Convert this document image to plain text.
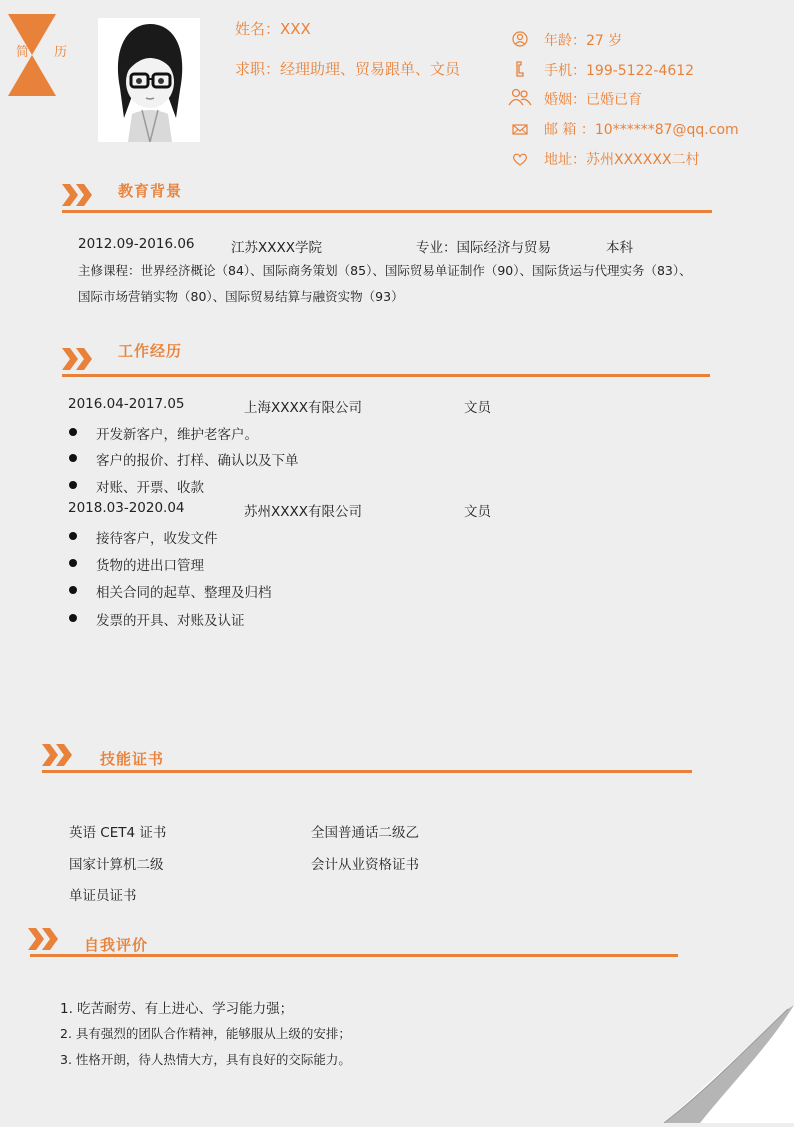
简 历
姓名：XXX
求职：经理助理、贸易跟单、文员
年龄：27 岁
手机：199-5122-4612
婚姻：已婚已育
邮 箱 ：10******87@qq.com
地址：苏州XXXXXX二村
教育背景
2012.09-2016.06	江苏XXXX学院	专业：国际经济与贸易	本科
主修课程：世界经济概论（84）、国际商务策划（85）、国际贸易单证制作（90）、国际货运与代理实务（83）、
国际市场营销实物（80）、国际贸易结算与融资实物（93）
工作经历
2016.04-2017.05	上海XXXX有限公司	文员
开发新客户，维护老客户。
客户的报价、打样、确认以及下单
对账、开票、收款
2018.03-2020.04	苏州XXXX有限公司	文员
接待客户，收发文件
货物的进出口管理
相关合同的起草、整理及归档
发票的开具、对账及认证
技能证书
英语 CET4 证书	全国普通话二级乙
国家计算机二级	会计从业资格证书
单证员证书
自我评价
1. 吃苦耐劳、有上进心、学习能力强；
2. 具有强烈的团队合作精神，能够服从上级的安排；
3. 性格开朗，待人热情大方，具有良好的交际能力。
